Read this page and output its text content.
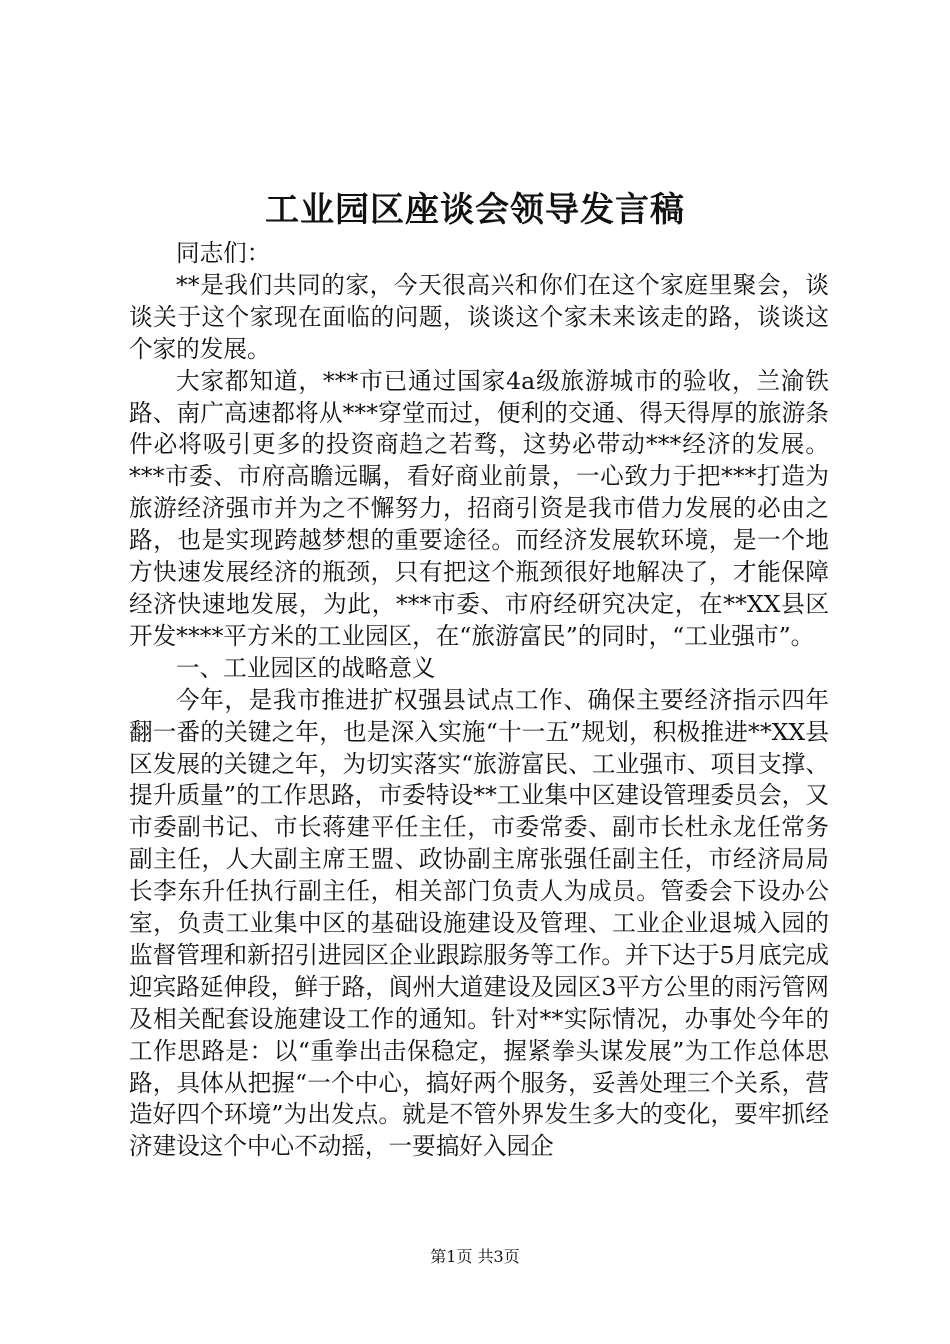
工业园区座谈会领导发言稿

同志们：

**是我们共同的家，今天很高兴和你们在这个家庭里聚会，谈谈关于这个家现在面临的问题，谈谈这个家未来该走的路，谈谈这个家的发展。

大家都知道，***市已通过国家4a级旅游城市的验收，兰渝铁路、南广高速都将从***穿堂而过，便利的交通、得天得厚的旅游条件必将吸引更多的投资商趋之若骛，这势必带动***经济的发展。***市委、市府高瞻远瞩，看好商业前景，一心致力于把***打造为旅游经济强市并为之不懈努力，招商引资是我市借力发展的必由之路，也是实现跨越梦想的重要途径。而经济发展软环境，是一个地方快速发展经济的瓶颈，只有把这个瓶颈很好地解决了，才能保障经济快速地发展，为此，***市委、市府经研究决定，在**XX县区开发****平方米的工业园区，在“旅游富民”的同时，“工业强市”。

一、工业园区的战略意义

今年，是我市推进扩权强县试点工作、确保主要经济指示四年翻一番的关键之年，也是深入实施“十一五”规划，积极推进**XX县区发展的关键之年，为切实落实“旅游富民、工业强市、项目支撑、提升质量”的工作思路，市委特设**工业集中区建设管理委员会，又市委副书记、市长蒋建平任主任，市委常委、副市长杜永龙任常务副主任，人大副主席王盟、政协副主席张强任副主任，市经济局局长李东升任执行副主任，相关部门负责人为成员。管委会下设办公室，负责工业集中区的基础设施建设及管理、工业企业退城入园的监督管理和新招引进园区企业跟踪服务等工作。并下达于5月底完成迎宾路延伸段，鲜于路，阆州大道建设及园区3平方公里的雨污管网及相关配套设施建设工作的通知。针对**实际情况，办事处今年的工作思路是：以“重拳出击保稳定，握紧拳头谋发展”为工作总体思路，具体从把握“一个中心，搞好两个服务，妥善处理三个关系，营造好四个环境”为出发点。就是不管外界发生多大的变化，要牢抓经济建设这个中心不动摇，一要搞好入园企

第1页 共3页
